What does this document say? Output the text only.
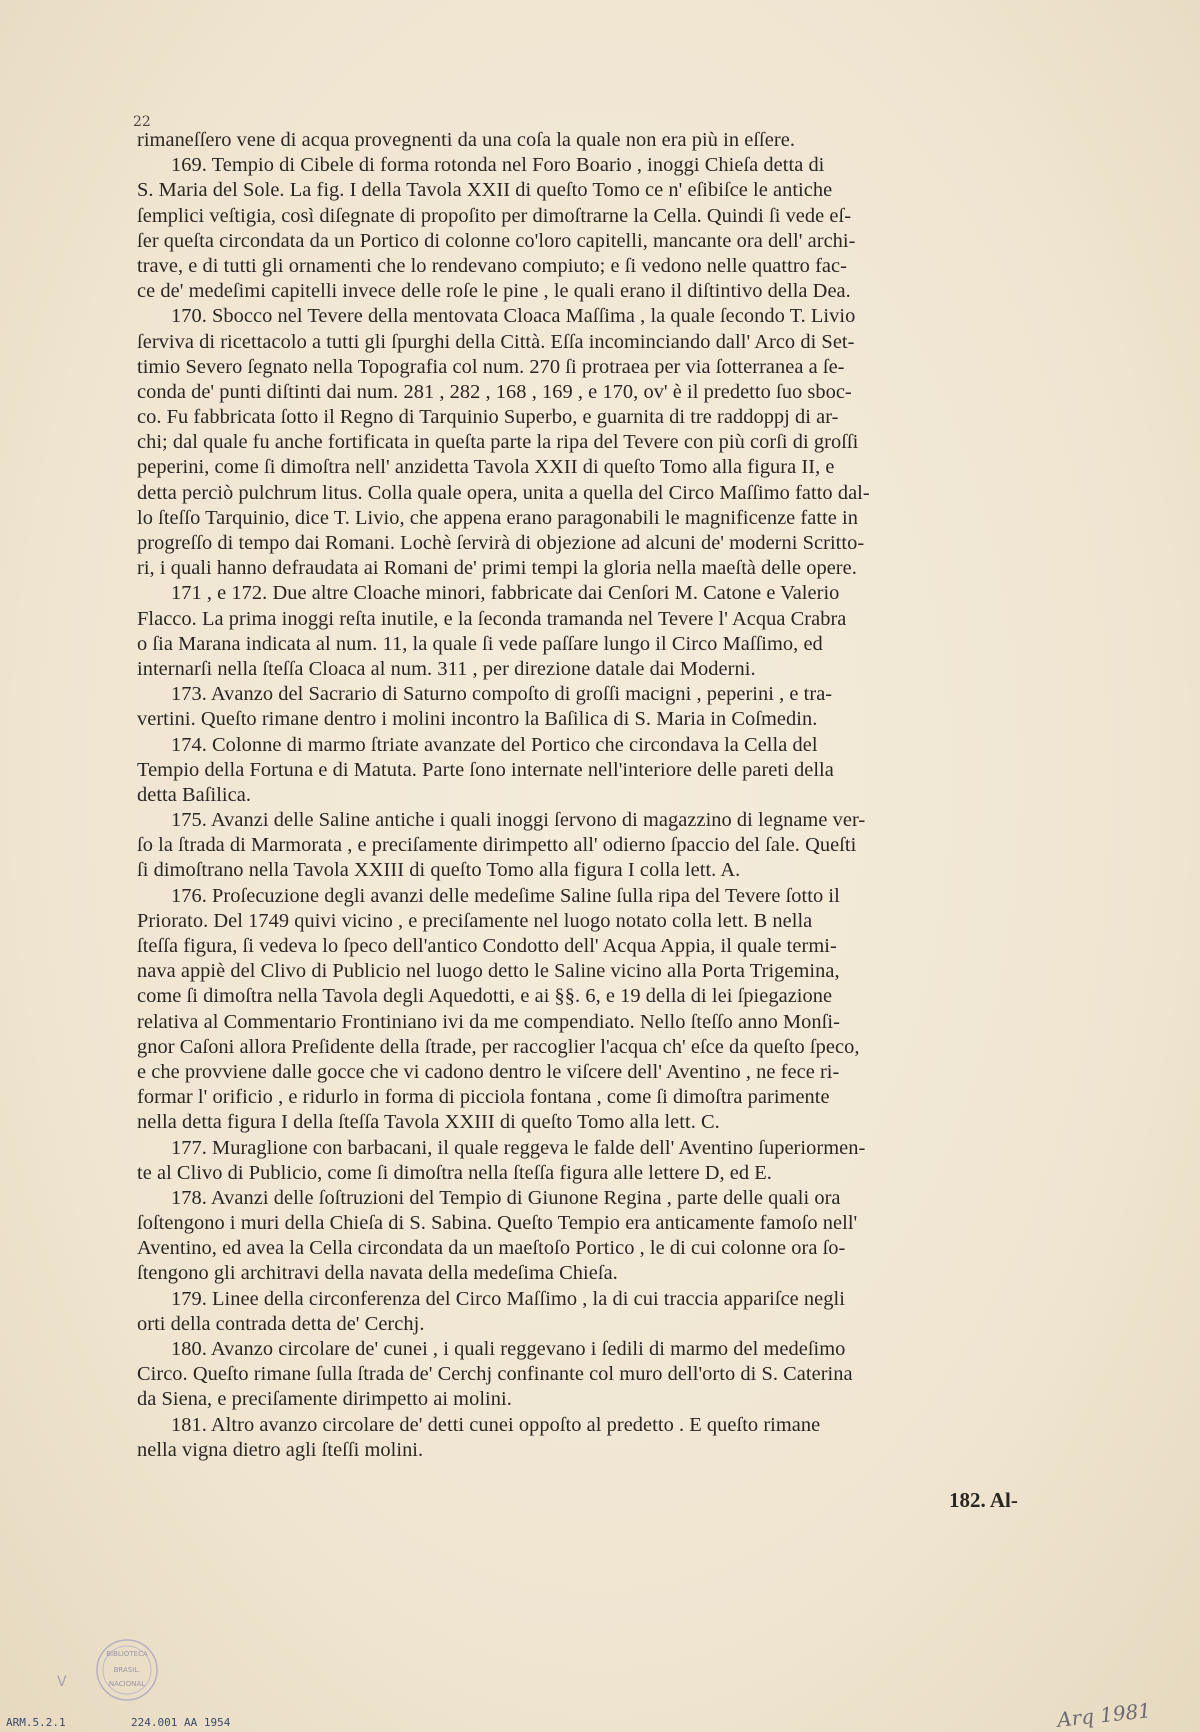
22
rimaneſſero vene di acqua provegnenti da una coſa la quale non era più in eſſere.
169. Tempio di Cibele di forma rotonda nel Foro Boario , inoggi Chieſa detta di
S. Maria del Sole. La fig. I della Tavola XXII di queſto Tomo ce n' eſibiſce le antiche
ſemplici veſtigia, così diſegnate di propoſito per dimoſtrarne la Cella. Quindi ſi vede eſ-
ſer queſta circondata da un Portico di colonne co'loro capitelli, mancante ora dell' archi-
trave, e di tutti gli ornamenti che lo rendevano compiuto; e ſi vedono nelle quattro fac-
ce de' medeſimi capitelli invece delle roſe le pine , le quali erano il diſtintivo della Dea.
170. Sbocco nel Tevere della mentovata Cloaca Maſſima , la quale ſecondo T. Livio
ſerviva di ricettacolo a tutti gli ſpurghi della Città. Eſſa incominciando dall' Arco di Set-
timio Severo ſegnato nella Topografia col num. 270 ſi protraea per via ſotterranea a ſe-
conda de' punti diſtinti dai num. 281 , 282 , 168 , 169 , e 170, ov' è il predetto ſuo sboc-
co. Fu fabbricata ſotto il Regno di Tarquinio Superbo, e guarnita di tre raddoppj di ar-
chi; dal quale fu anche fortificata in queſta parte la ripa del Tevere con più corſi di groſſi
peperini, come ſi dimoſtra nell' anzidetta Tavola XXII di queſto Tomo alla figura II, e
detta perciò pulchrum litus. Colla quale opera, unita a quella del Circo Maſſimo fatto dal-
lo ſteſſo Tarquinio, dice T. Livio, che appena erano paragonabili le magnificenze fatte in
progreſſo di tempo dai Romani. Lochè ſervirà di objezione ad alcuni de' moderni Scritto-
ri, i quali hanno defraudata ai Romani de' primi tempi la gloria nella maeſtà delle opere.
171 , e 172. Due altre Cloache minori, fabbricate dai Cenſori M. Catone e Valerio
Flacco. La prima inoggi reſta inutile, e la ſeconda tramanda nel Tevere l' Acqua Crabra
o ſia Marana indicata al num. 11, la quale ſi vede paſſare lungo il Circo Maſſimo, ed
internarſi nella ſteſſa Cloaca al num. 311 , per direzione datale dai Moderni.
173. Avanzo del Sacrario di Saturno compoſto di groſſi macigni , peperini , e tra-
vertini. Queſto rimane dentro i molini incontro la Baſilica di S. Maria in Coſmedin.
174. Colonne di marmo ſtriate avanzate del Portico che circondava la Cella del
Tempio della Fortuna e di Matuta. Parte ſono internate nell'interiore delle pareti della
detta Baſilica.
175. Avanzi delle Saline antiche i quali inoggi ſervono di magazzino di legname ver-
ſo la ſtrada di Marmorata , e preciſamente dirimpetto all' odierno ſpaccio del ſale. Queſti
ſi dimoſtrano nella Tavola XXIII di queſto Tomo alla figura I colla lett. A.
176. Proſecuzione degli avanzi delle medeſime Saline ſulla ripa del Tevere ſotto il
Priorato. Del 1749 quivi vicino , e preciſamente nel luogo notato colla lett. B nella
ſteſſa figura, ſi vedeva lo ſpeco dell'antico Condotto dell' Acqua Appia, il quale termi-
nava appiè del Clivo di Publicio nel luogo detto le Saline vicino alla Porta Trigemina,
come ſi dimoſtra nella Tavola degli Aquedotti, e ai §§. 6, e 19 della di lei ſpiegazione
relativa al Commentario Frontiniano ivi da me compendiato. Nello ſteſſo anno Monſi-
gnor Caſoni allora Preſidente della ſtrade, per raccoglier l'acqua ch' eſce da queſto ſpeco,
e che provviene dalle gocce che vi cadono dentro le viſcere dell' Aventino , ne fece ri-
formar l' orificio , e ridurlo in forma di picciola fontana , come ſi dimoſtra parimente
nella detta figura I della ſteſſa Tavola XXIII di queſto Tomo alla lett. C.
177. Muraglione con barbacani, il quale reggeva le falde dell' Aventino ſuperiormen-
te al Clivo di Publicio, come ſi dimoſtra nella ſteſſa figura alle lettere D, ed E.
178. Avanzi delle ſoſtruzioni del Tempio di Giunone Regina , parte delle quali ora
ſoſtengono i muri della Chieſa di S. Sabina. Queſto Tempio era anticamente famoſo nell'
Aventino, ed avea la Cella circondata da un maeſtoſo Portico , le di cui colonne ora ſo-
ſtengono gli architravi della navata della medeſima Chieſa.
179. Linee della circonferenza del Circo Maſſimo , la di cui traccia appariſce negli
orti della contrada detta de' Cerchj.
180. Avanzo circolare de' cunei , i quali reggevano i ſedili di marmo del medeſimo
Circo. Queſto rimane ſulla ſtrada de' Cerchj confinante col muro dell'orto di S. Caterina
da Siena, e preciſamente dirimpetto ai molini.
181. Altro avanzo circolare de' detti cunei oppoſto al predetto . E queſto rimane
nella vigna dietro agli ſteſſi molini.
182. Al-
BIBLIOTECA
BRASIL.
NACIONAL
V
ARM.5.2.1	224.001 AA 1954	Arq 1981
